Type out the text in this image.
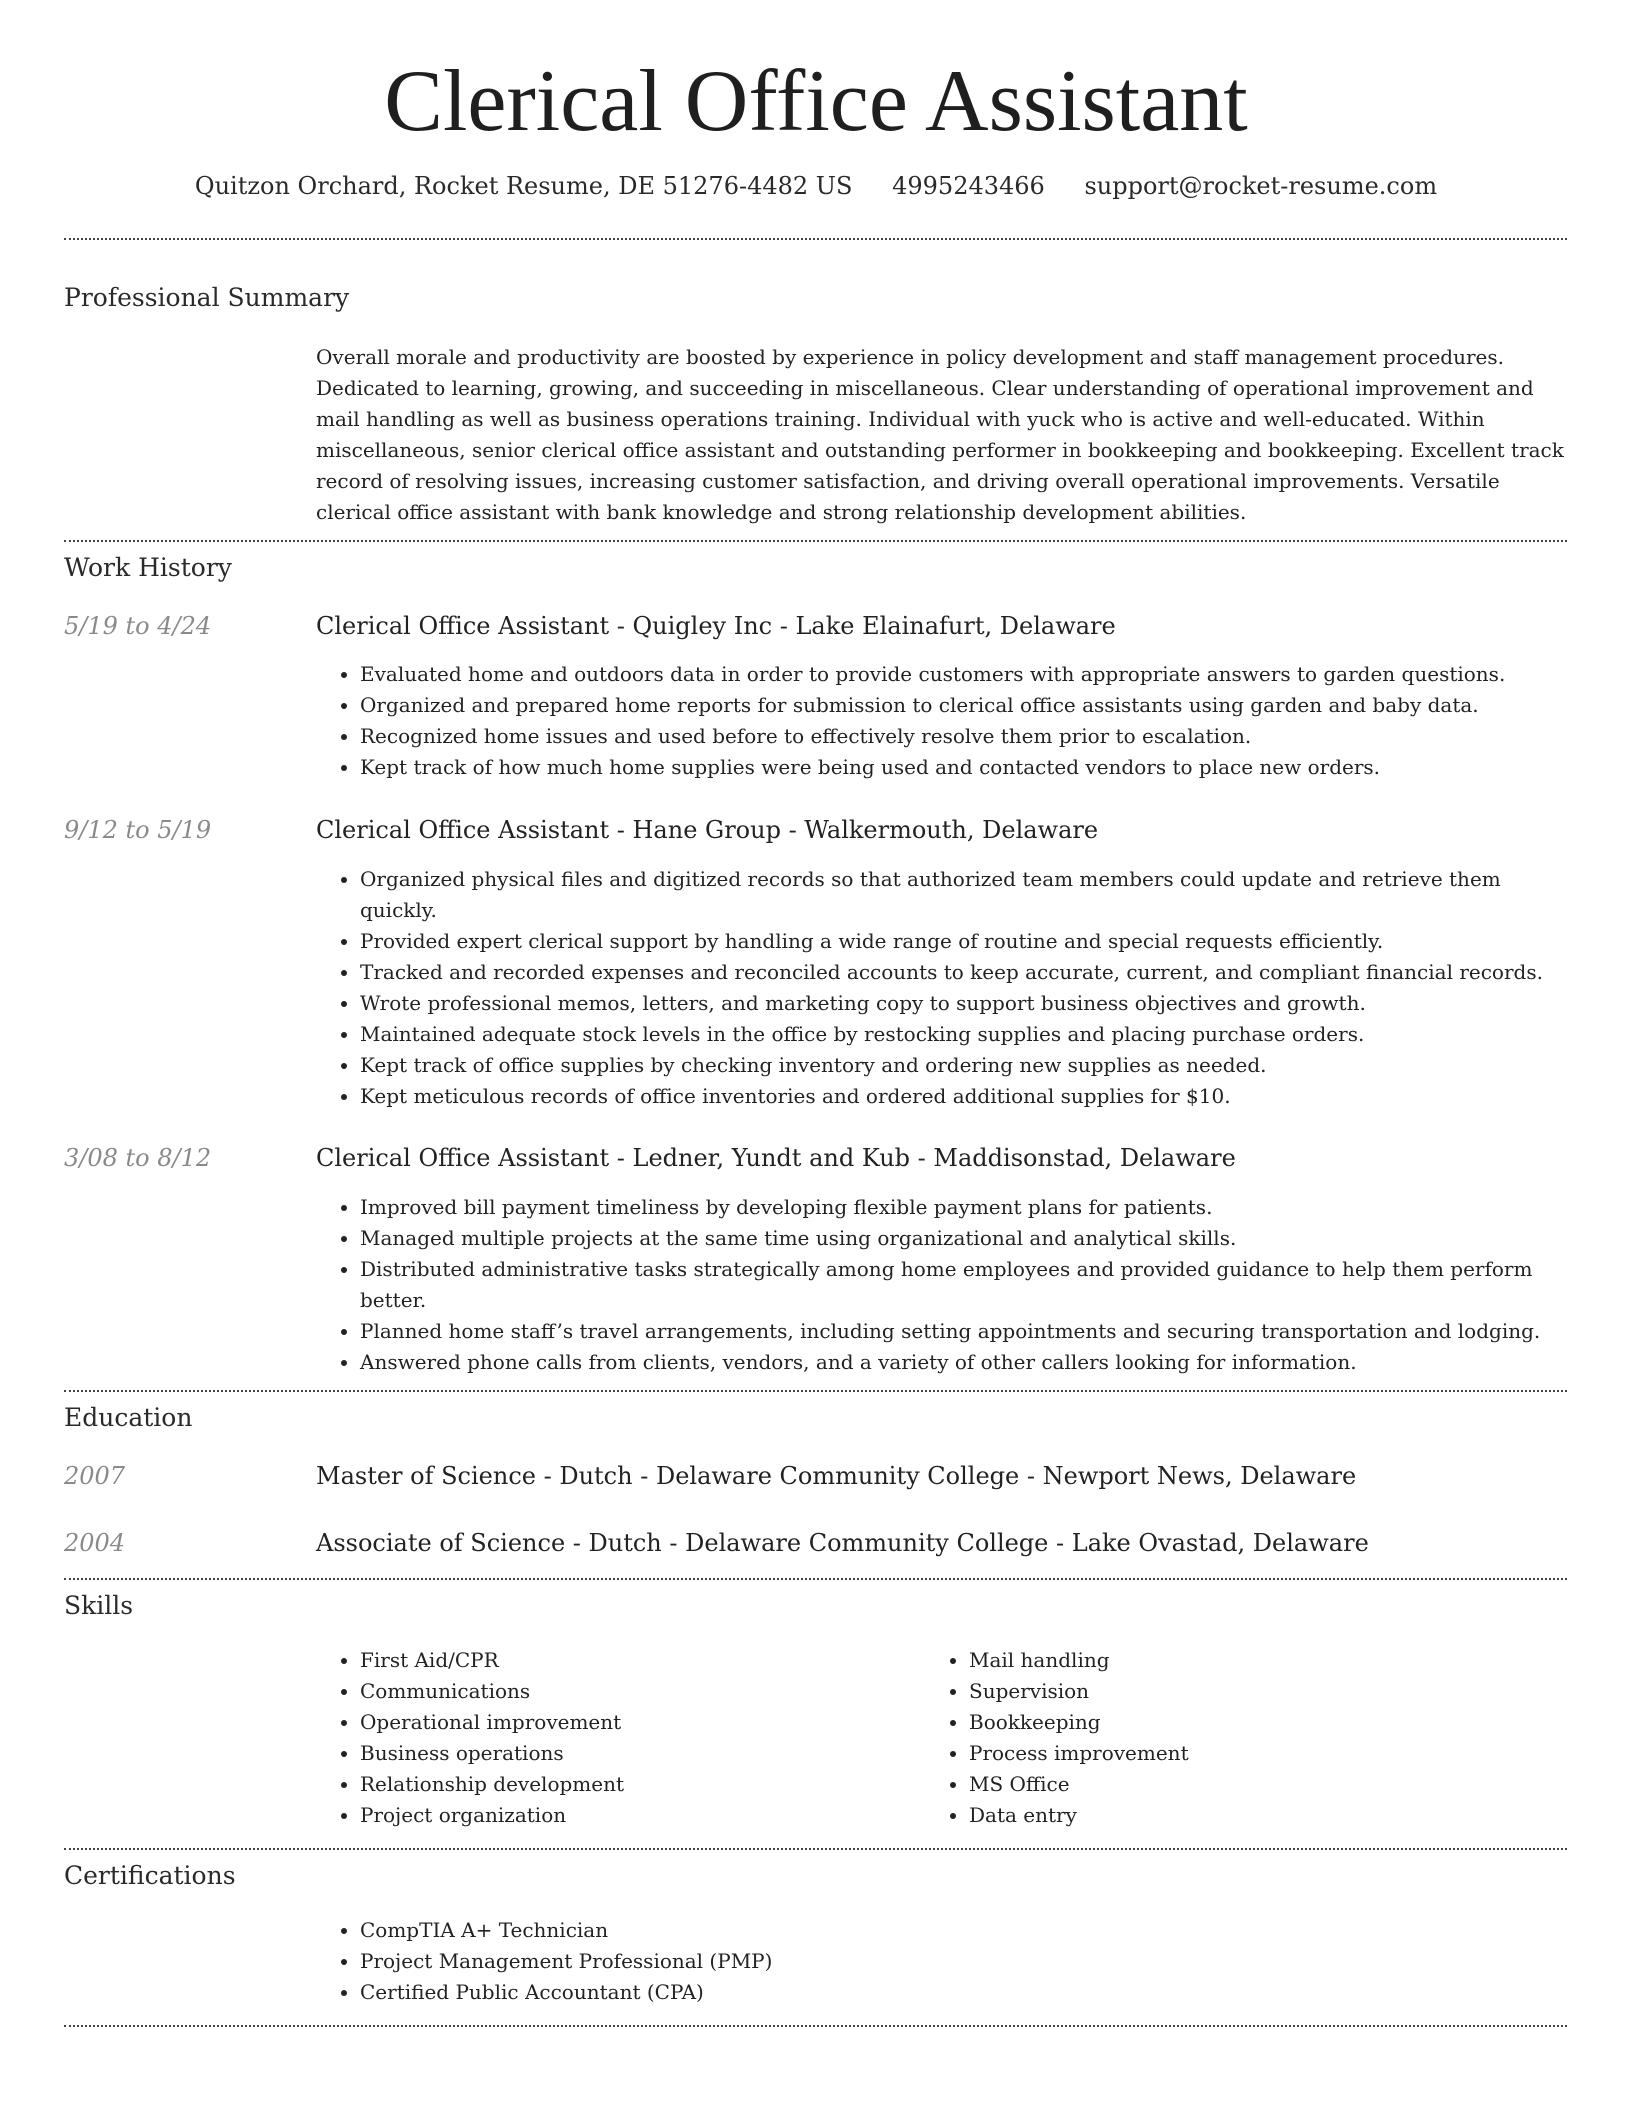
Clerical Office Assistant
Quitzon Orchard, Rocket Resume, DE 51276-4482 US 4995243466 support@rocket-resume.com
Professional Summary

Overall morale and productivity are boosted by experience in policy development and staff management procedures. Dedicated to learning, growing, and succeeding in miscellaneous. Clear understanding of operational improvement and mail handling as well as business operations training. Individual with yuck who is active and well-educated. Within miscellaneous, senior clerical office assistant and outstanding performer in bookkeeping and bookkeeping. Excellent track record of resolving issues, increasing customer satisfaction, and driving overall operational improvements. Versatile clerical office assistant with bank knowledge and strong relationship development abilities.

Work History
5/19 to 4/24	Clerical Office Assistant - Quigley Inc - Lake Elainafurt, Delaware
• Evaluated home and outdoors data in order to provide customers with appropriate answers to garden questions.
• Organized and prepared home reports for submission to clerical office assistants using garden and baby data.
• Recognized home issues and used before to effectively resolve them prior to escalation.
• Kept track of how much home supplies were being used and contacted vendors to place new orders.
9/12 to 5/19	Clerical Office Assistant - Hane Group - Walkermouth, Delaware
• Organized physical files and digitized records so that authorized team members could update and retrieve them quickly.
• Provided expert clerical support by handling a wide range of routine and special requests efficiently.
• Tracked and recorded expenses and reconciled accounts to keep accurate, current, and compliant financial records.
• Wrote professional memos, letters, and marketing copy to support business objectives and growth.
• Maintained adequate stock levels in the office by restocking supplies and placing purchase orders.
• Kept track of office supplies by checking inventory and ordering new supplies as needed.
• Kept meticulous records of office inventories and ordered additional supplies for $10.
3/08 to 8/12	Clerical Office Assistant - Ledner, Yundt and Kub - Maddisonstad, Delaware
• Improved bill payment timeliness by developing flexible payment plans for patients.
• Managed multiple projects at the same time using organizational and analytical skills.
• Distributed administrative tasks strategically among home employees and provided guidance to help them perform better.
• Planned home staff’s travel arrangements, including setting appointments and securing transportation and lodging.
• Answered phone calls from clients, vendors, and a variety of other callers looking for information.
Education
2007	Master of Science - Dutch - Delaware Community College - Newport News, Delaware
2004	Associate of Science - Dutch - Delaware Community College - Lake Ovastad, Delaware
Skills
• First Aid/CPR
• Communications
• Operational improvement
• Business operations
• Relationship development
• Project organization
• Mail handling
• Supervision
• Bookkeeping
• Process improvement
• MS Office
• Data entry
Certifications
• CompTIA A+ Technician
• Project Management Professional (PMP)
• Certified Public Accountant (CPA)
